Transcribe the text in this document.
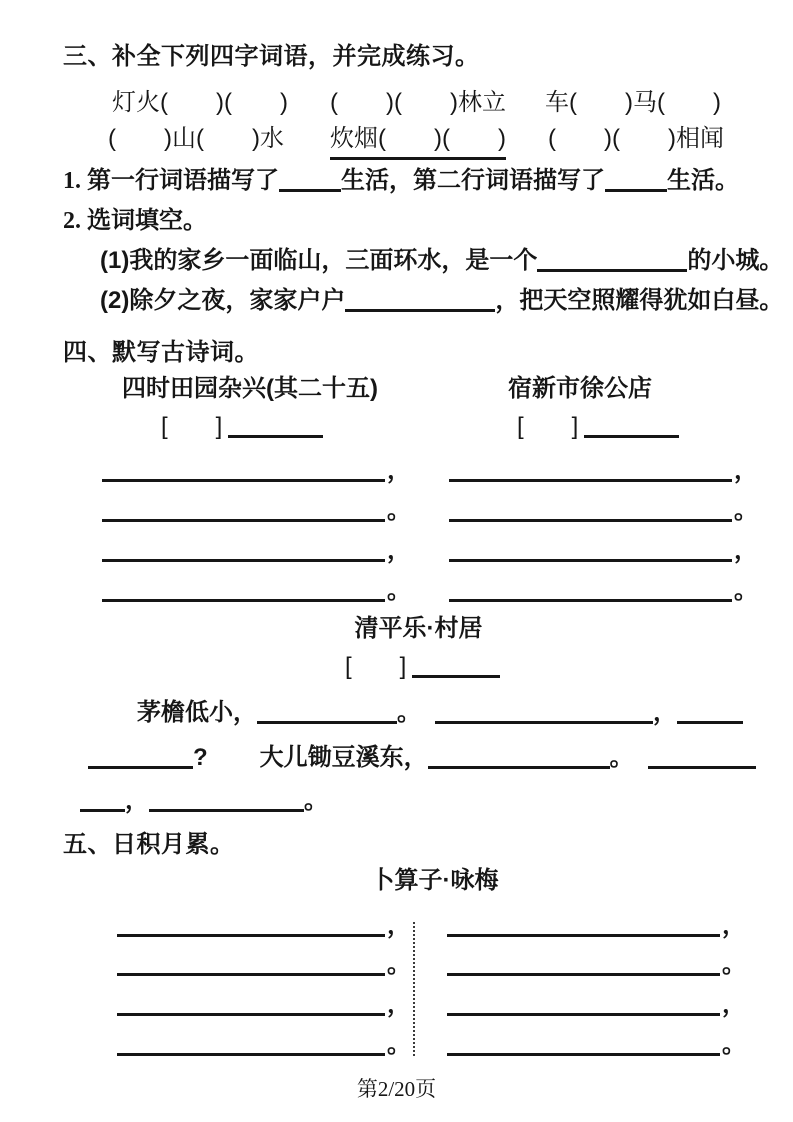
三、补全下列四字词语，并完成练习。
灯火(　　)(　　) (　　)(　　)林立 车(　　)马(　　)
(　　)山(　　)水 炊烟(　　)(　　) (　　)(　　)相闻
1. 第一行词语描写了	生活，第二行词语描写了	生活。
2. 选词填空。
(1)我的家乡一面临山，三面环水，是一个	的小城。
(2)除夕之夜，家家户户	，把天空照耀得犹如白昼。
四、默写古诗词。
四时田园杂兴(其二十五)	宿新市徐公店
[　　]	[　　]
，
。
，
。
，
。
，
。
清平乐·村居
[　　]
茅檐低小，	。	，
? 大儿锄豆溪东，	。
，	。
五、日积月累。
卜算子·咏梅
，
。
，
。
，
。
，
。
第2/20页
